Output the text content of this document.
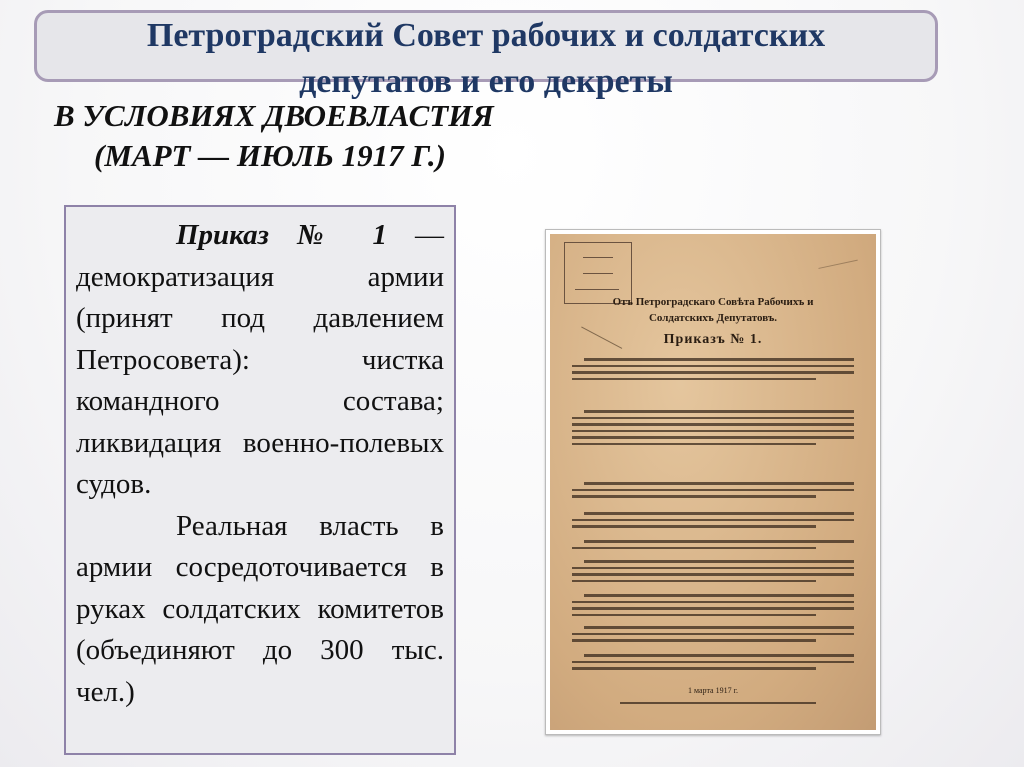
Петроградский Совет рабочих и солдатских
депутатов и его декреты

В УСЛОВИЯХ ДВОЕВЛАСТИЯ
(МАРТ — ИЮЛЬ 1917 Г.)

Приказ № 1 — демократизация армии (принят под давлением Петросовета): чистка командного состава; ликвидация военно-полевых судов.

Реальная власть в армии сосредоточивается в руках солдатских комитетов (объединяют до 300 тыс. чел.)

Отъ Петроградскаго Совѣта Рабочихъ и
Солдатскихъ Депутатовъ.
Приказъ № 1.
1 марта 1917 г.
